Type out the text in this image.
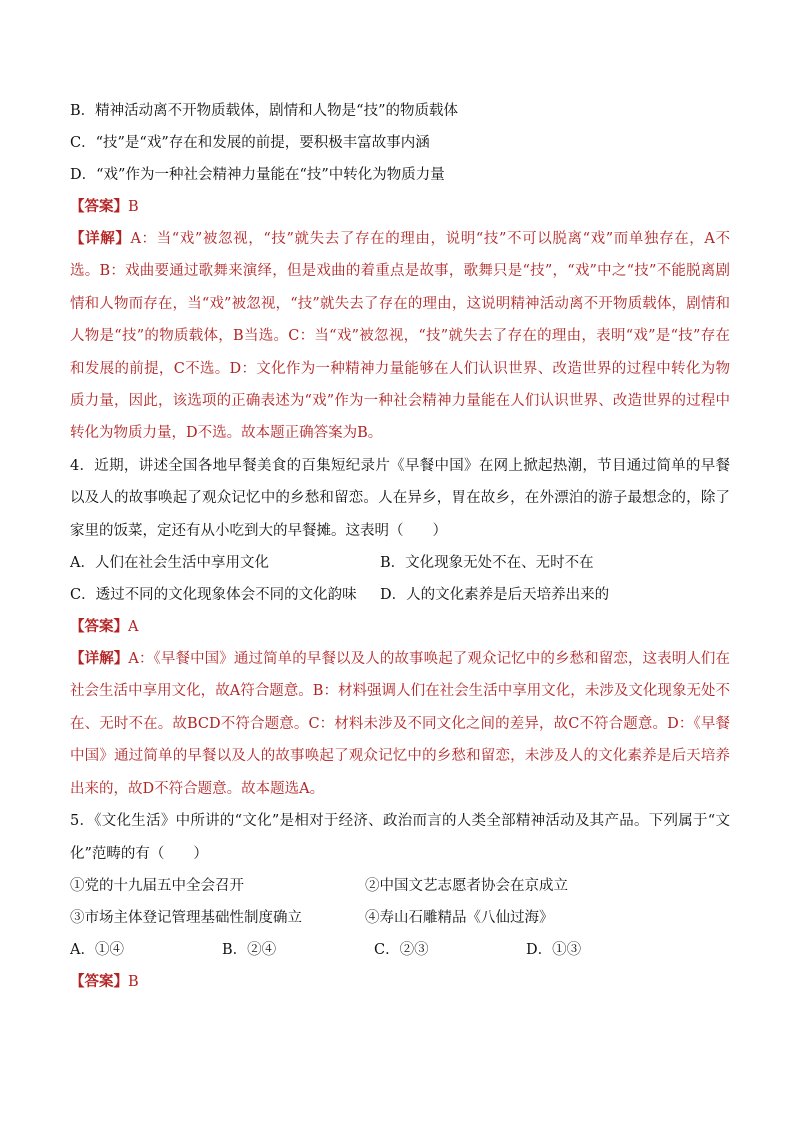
B．精神活动离不开物质载体，剧情和人物是“技”的物质载体
C．“技”是“戏”存在和发展的前提，要积极丰富故事内涵
D．“戏”作为一种社会精神力量能在“技”中转化为物质力量
【答案】B
【详解】A：当“戏”被忽视，“技”就失去了存在的理由，说明“技”不可以脱离“戏”而单独存在，A不选。B：戏曲要通过歌舞来演绎，但是戏曲的着重点是故事，歌舞只是“技”，“戏”中之“技”不能脱离剧情和人物而存在，当“戏”被忽视，“技”就失去了存在的理由，这说明精神活动离不开物质载体，剧情和人物是“技”的物质载体，B当选。C：当“戏”被忽视，“技”就失去了存在的理由，表明“戏”是“技”存在和发展的前提，C不选。D：文化作为一种精神力量能够在人们认识世界、改造世界的过程中转化为物质力量，因此，该选项的正确表述为“戏”作为一种社会精神力量能在人们认识世界、改造世界的过程中转化为物质力量，D不选。故本题正确答案为B。
4．近期，讲述全国各地早餐美食的百集短纪录片《早餐中国》在网上掀起热潮，节目通过简单的早餐以及人的故事唤起了观众记忆中的乡愁和留恋。人在异乡，胃在故乡，在外漂泊的游子最想念的，除了家里的饭菜，定还有从小吃到大的早餐摊。这表明（　　）
A．人们在社会生活中享用文化	B．文化现象无处不在、无时不在
C．透过不同的文化现象体会不同的文化韵味	D．人的文化素养是后天培养出来的
【答案】A
【详解】A：《早餐中国》通过简单的早餐以及人的故事唤起了观众记忆中的乡愁和留恋，这表明人们在社会生活中享用文化，故A符合题意。B：材料强调人们在社会生活中享用文化，未涉及文化现象无处不在、无时不在。故BCD不符合题意。C：材料未涉及不同文化之间的差异，故C不符合题意。D：《早餐中国》通过简单的早餐以及人的故事唤起了观众记忆中的乡愁和留恋，未涉及人的文化素养是后天培养出来的，故D不符合题意。故本题选A。
5．《文化生活》中所讲的“文化”是相对于经济、政治而言的人类全部精神活动及其产品。下列属于“文化”范畴的有（　　）
①党的十九届五中全会召开	②中国文艺志愿者协会在京成立
③市场主体登记管理基础性制度确立	④寿山石雕精品《八仙过海》
A．①④	B．②④	C．②③	D．①③
【答案】B
